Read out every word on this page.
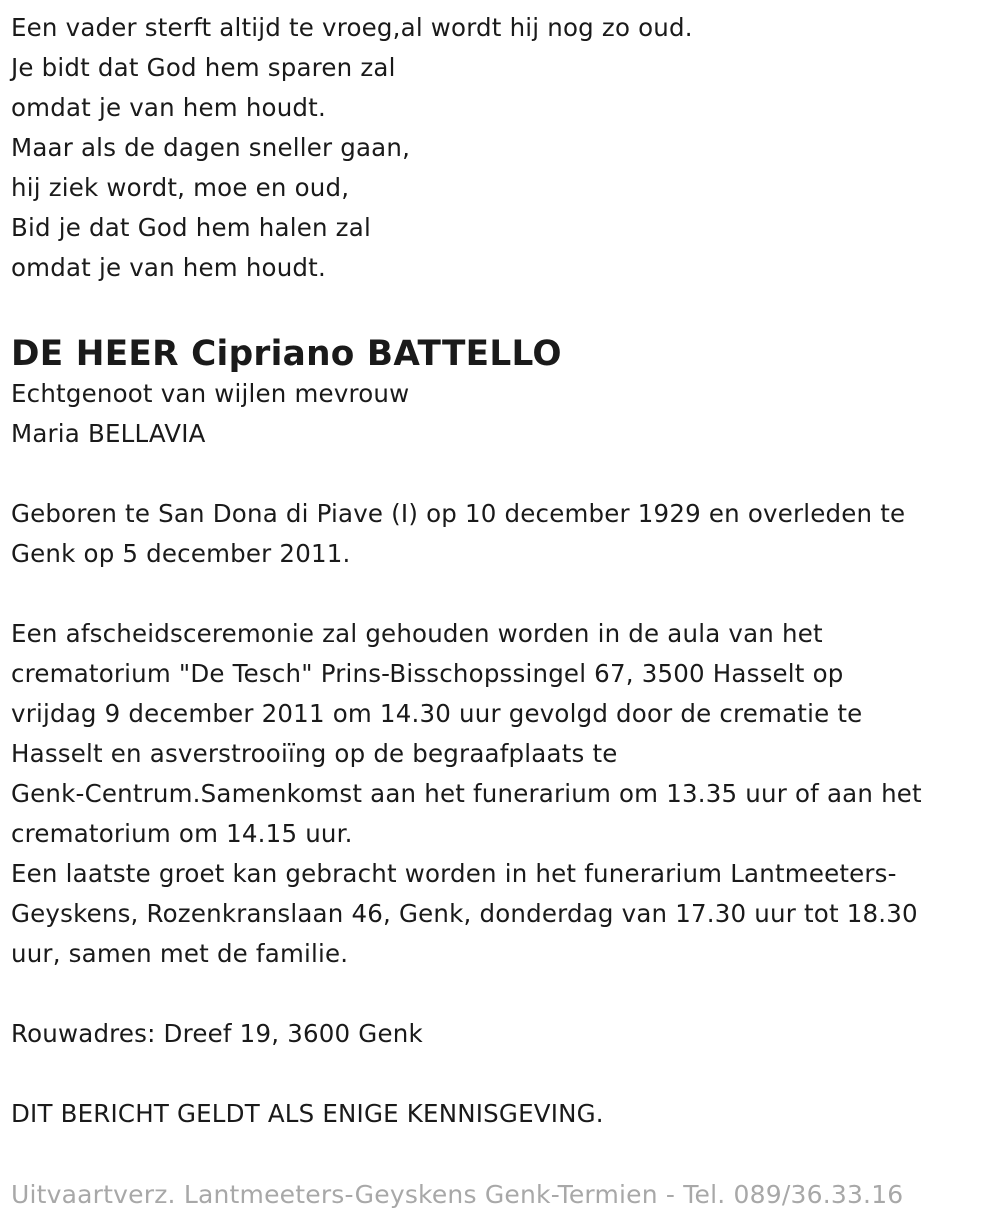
Een vader sterft altijd te vroeg,al wordt hij nog zo oud.
Je bidt dat God hem sparen zal
omdat je van hem houdt.
Maar als de dagen sneller gaan,
hij ziek wordt, moe en oud,
Bid je dat God hem halen zal
omdat je van hem houdt.
DE HEER Cipriano BATTELLO
Echtgenoot van wijlen mevrouw
Maria BELLAVIA
Geboren te San Dona di Piave (I) op 10 december 1929 en overleden te
Genk op 5 december 2011.
Een afscheidsceremonie zal gehouden worden in de aula van het
crematorium "De Tesch" Prins-Bisschopssingel 67, 3500 Hasselt op
vrijdag 9 december 2011 om 14.30 uur gevolgd door de crematie te
Hasselt en asverstrooiïng op de begraafplaats te
Genk-Centrum.Samenkomst aan het funerarium om 13.35 uur of aan het
crematorium om 14.15 uur.
Een laatste groet kan gebracht worden in het funerarium Lantmeeters-
Geyskens, Rozenkranslaan 46, Genk, donderdag van 17.30 uur tot 18.30
uur, samen met de familie.
Rouwadres: Dreef 19, 3600 Genk
DIT BERICHT GELDT ALS ENIGE KENNISGEVING.
Uitvaartverz. Lantmeeters-Geyskens Genk-Termien - Tel. 089/36.33.16
